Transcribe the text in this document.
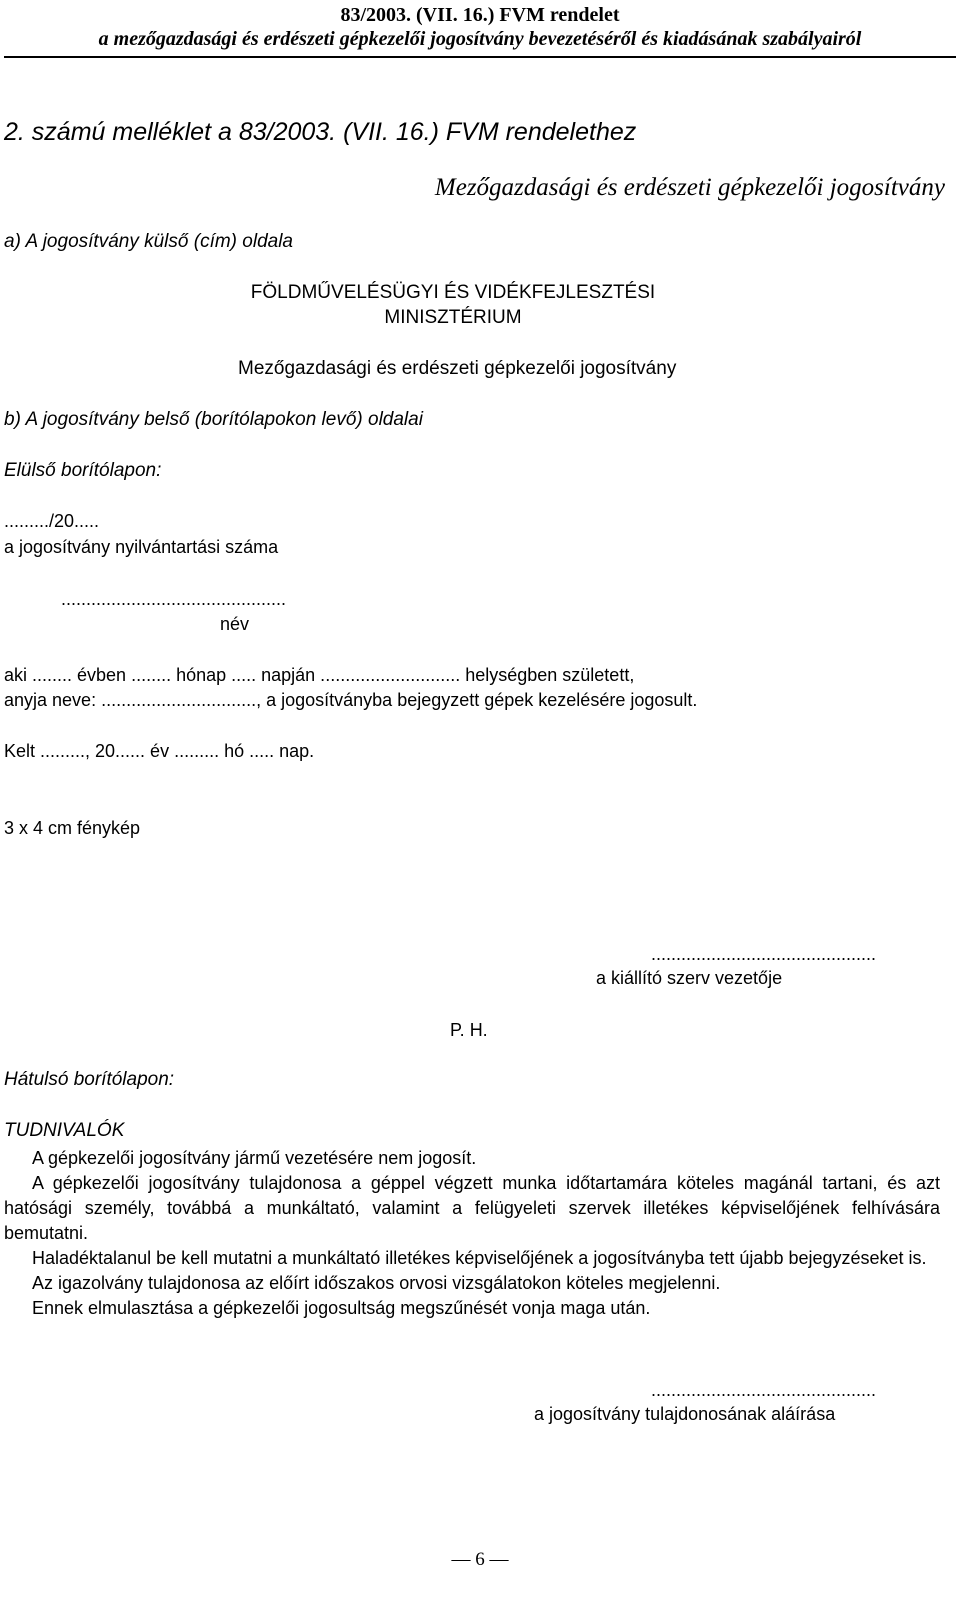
83/2003. (VII. 16.) FVM rendelet
a mezőgazdasági és erdészeti gépkezelői jogosítvány bevezetéséről és kiadásának szabályairól
2. számú melléklet a 83/2003. (VII. 16.) FVM rendelethez
Mezőgazdasági és erdészeti gépkezelői jogosítvány
a) A jogosítvány külső (cím) oldala
FÖLDMŰVELÉSÜGYI ÉS VIDÉKFEJLESZTÉSI
MINISZTÉRIUM
Mezőgazdasági és erdészeti gépkezelői jogosítvány
b) A jogosítvány belső (borítólapokon levő) oldalai
Elülső borítólapon:
........./20.....
a jogosítvány nyilvántartási száma
.............................................
név
aki ........ évben ........ hónap ..... napján ............................ helységben született,
anyja neve: ..............................., a jogosítványba bejegyzett gépek kezelésére jogosult.
Kelt ........., 20...... év ......... hó ..... nap.
3 x 4 cm fénykép
.............................................
a kiállító szerv vezetője
P. H.
Hátulsó borítólapon:
TUDNIVALÓK

A gépkezelői jogosítvány jármű vezetésére nem jogosít.

A gépkezelői jogosítvány tulajdonosa a géppel végzett munka időtartamára köteles magánál tartani, és azt hatósági személy, továbbá a munkáltató, valamint a felügyeleti szervek illetékes képviselőjének felhívására bemutatni.

Haladéktalanul be kell mutatni a munkáltató illetékes képviselőjének a jogosítványba tett újabb bejegyzéseket is.

Az igazolvány tulajdonosa az előírt időszakos orvosi vizsgálatokon köteles megjelenni.

Ennek elmulasztása a gépkezelői jogosultság megszűnését vonja maga után.

.............................................
a jogosítvány tulajdonosának aláírása
— 6 —
